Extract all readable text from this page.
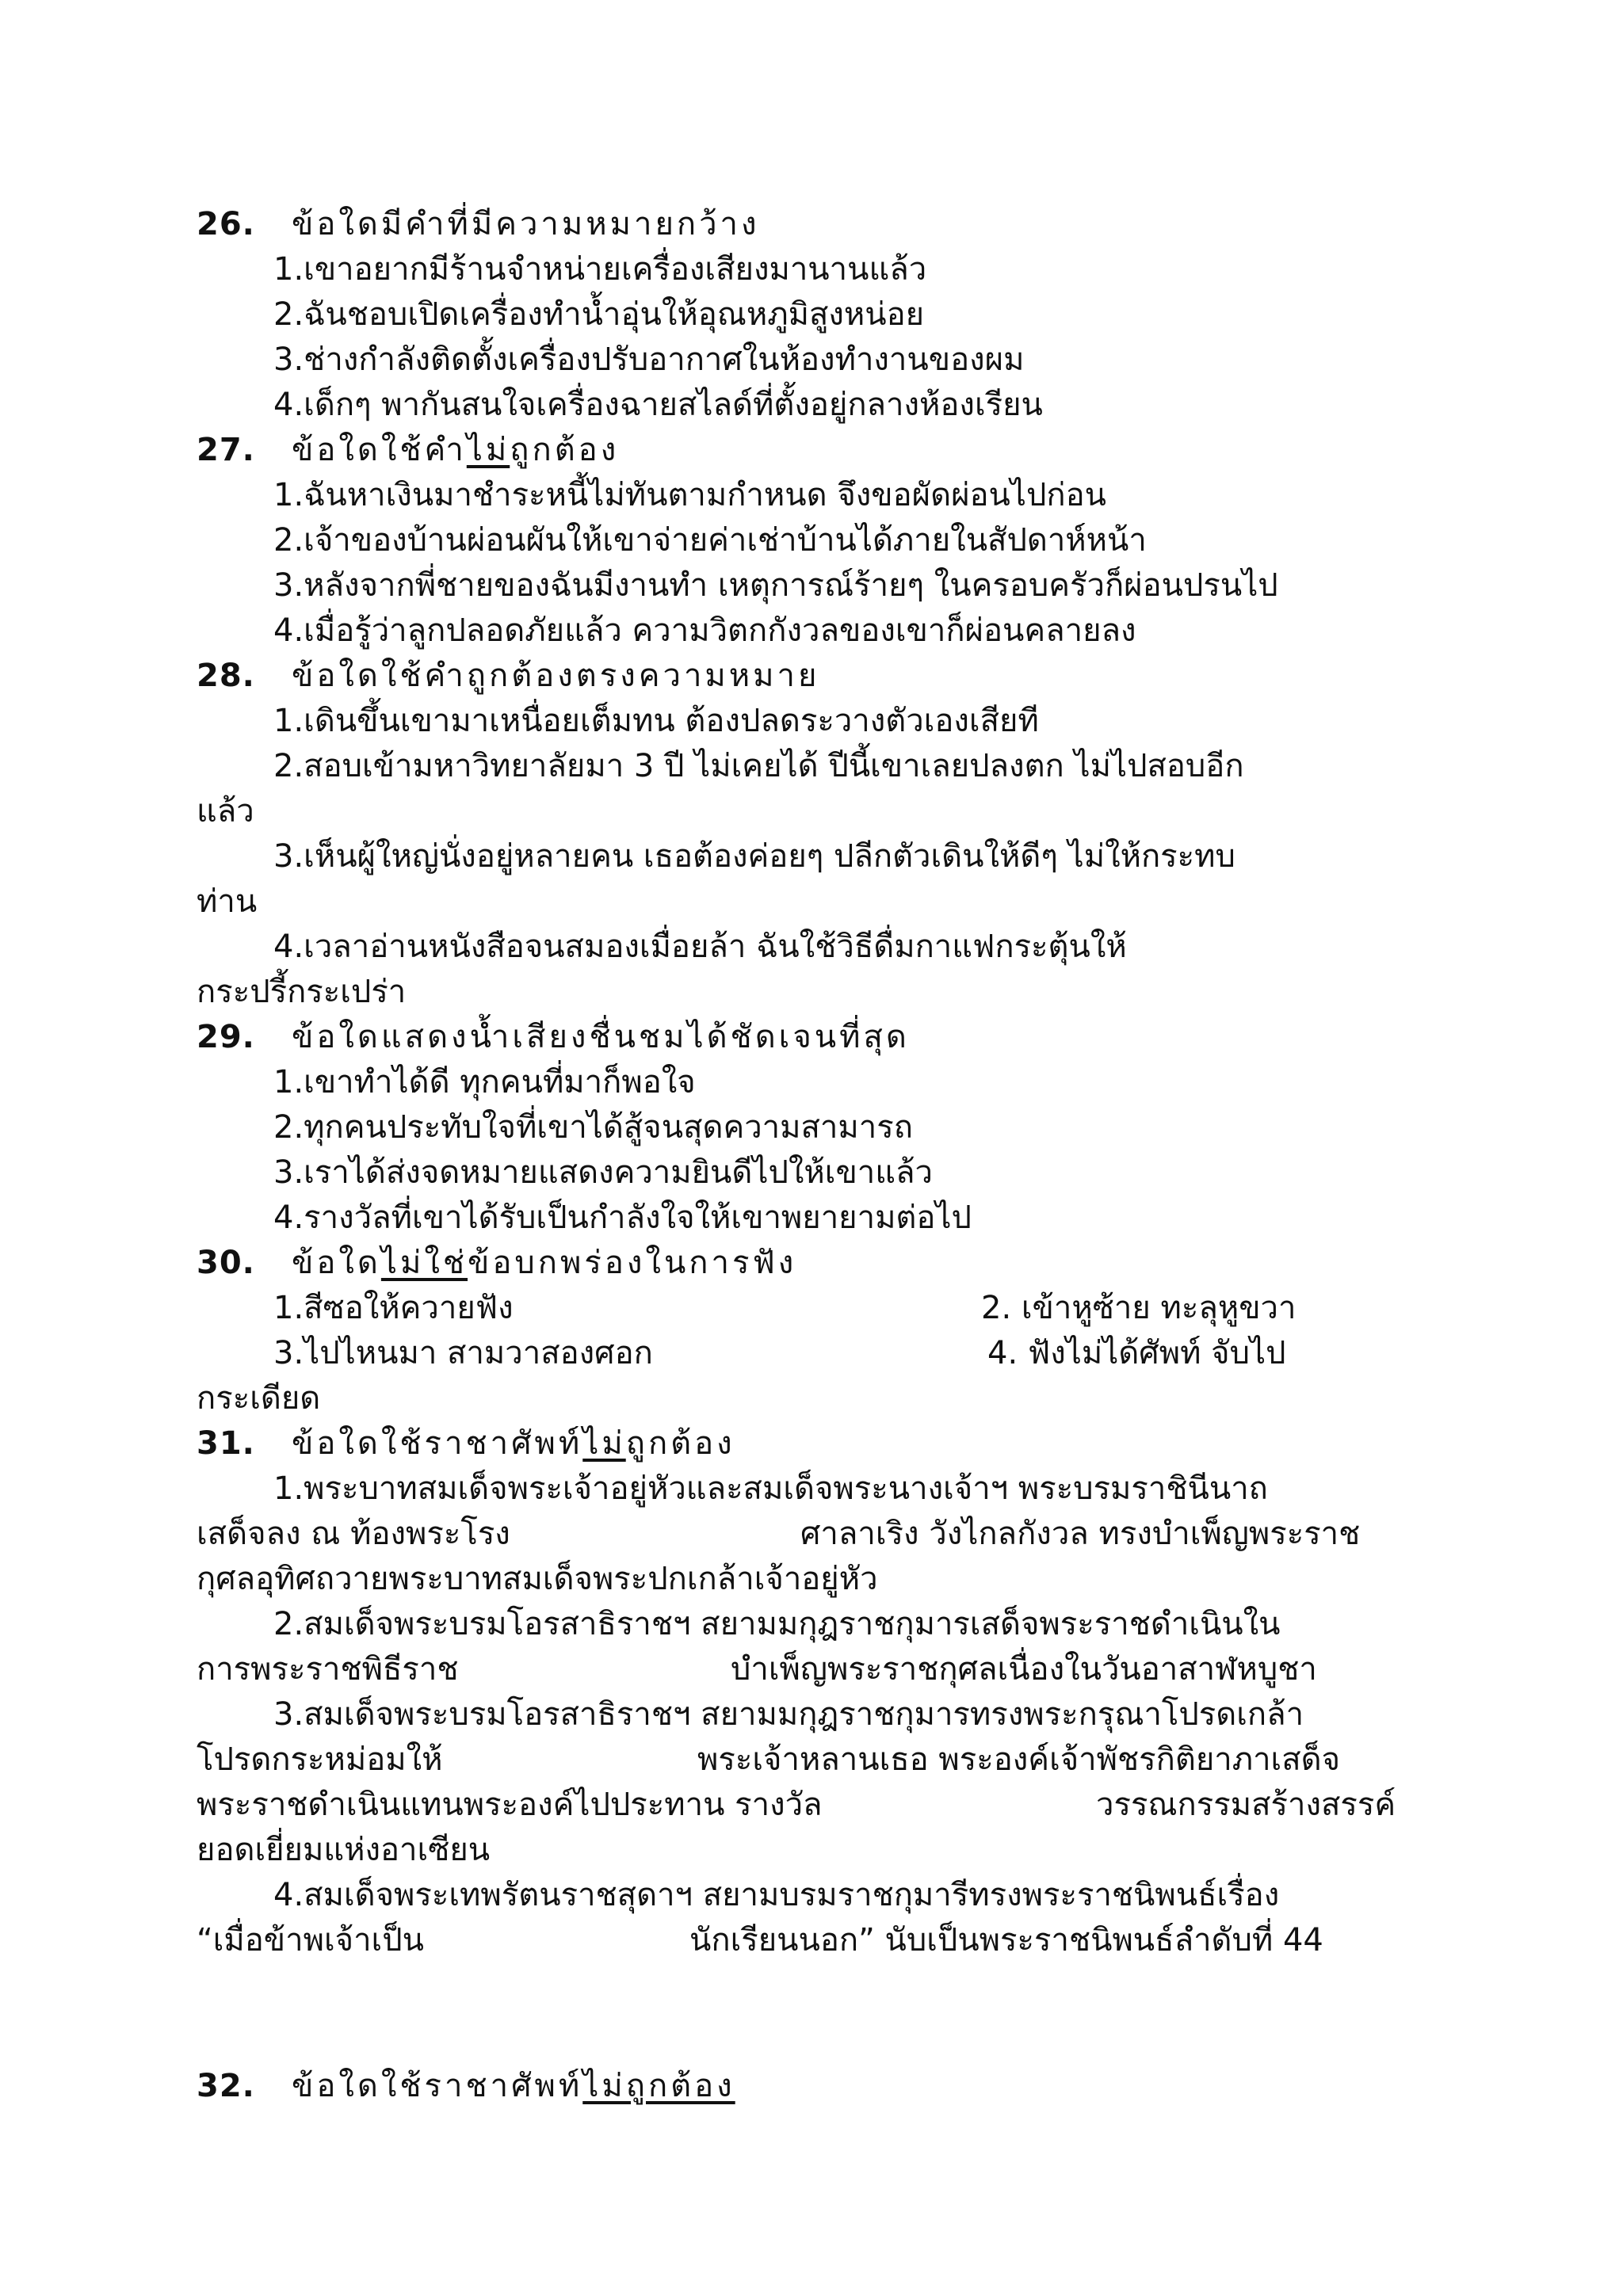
26. ข้อใดมีคำที่มีความหมายกว้าง
1.เขาอยากมีร้านจำหน่ายเครื่องเสียงมานานแล้ว
2.ฉันชอบเปิดเครื่องทำน้ำอุ่นให้อุณหภูมิสูงหน่อย
3.ช่างกำลังติดตั้งเครื่องปรับอากาศในห้องทำงานของผม
4.เด็กๆ พากันสนใจเครื่องฉายสไลด์ที่ตั้งอยู่กลางห้องเรียน
27. ข้อใดใช้คำไม่ถูกต้อง
1.ฉันหาเงินมาชำระหนี้ไม่ทันตามกำหนด จึงขอผัดผ่อนไปก่อน
2.เจ้าของบ้านผ่อนผันให้เขาจ่ายค่าเช่าบ้านได้ภายในสัปดาห์หน้า
3.หลังจากพี่ชายของฉันมีงานทำ เหตุการณ์ร้ายๆ ในครอบครัวก็ผ่อนปรนไป
4.เมื่อรู้ว่าลูกปลอดภัยแล้ว ความวิตกกังวลของเขาก็ผ่อนคลายลง
28. ข้อใดใช้คำถูกต้องตรงความหมาย
1.เดินขึ้นเขามาเหนื่อยเต็มทน ต้องปลดระวางตัวเองเสียที
2.สอบเข้ามหาวิทยาลัยมา 3 ปี ไม่เคยได้ ปีนี้เขาเลยปลงตก ไม่ไปสอบอีก
แล้ว
3.เห็นผู้ใหญ่นั่งอยู่หลายคน เธอต้องค่อยๆ ปลีกตัวเดินให้ดีๆ ไม่ให้กระทบ
ท่าน
4.เวลาอ่านหนังสือจนสมองเมื่อยล้า ฉันใช้วิธีดื่มกาแฟกระตุ้นให้
กระปรี้กระเปร่า
29. ข้อใดแสดงน้ำเสียงชื่นชมได้ชัดเจนที่สุด
1.เขาทำได้ดี ทุกคนที่มาก็พอใจ
2.ทุกคนประทับใจที่เขาได้สู้จนสุดความสามารถ
3.เราได้ส่งจดหมายแสดงความยินดีไปให้เขาแล้ว
4.รางวัลที่เขาได้รับเป็นกำลังใจให้เขาพยายามต่อไป
30. ข้อใดไม่ใช่ข้อบกพร่องในการฟัง
1.สีซอให้ควายฟัง	2. เข้าหูซ้าย ทะลุหูขวา
3.ไปไหนมา สามวาสองศอก	4. ฟังไม่ได้ศัพท์ จับไป
กระเดียด
31. ข้อใดใช้ราชาศัพท์ไม่ถูกต้อง
1.พระบาทสมเด็จพระเจ้าอยู่หัวและสมเด็จพระนางเจ้าฯ พระบรมราชินีนาถ
เสด็จลง ณ ท้องพระโรง	ศาลาเริง วังไกลกังวล ทรงบำเพ็ญพระราช
กุศลอุทิศถวายพระบาทสมเด็จพระปกเกล้าเจ้าอยู่หัว
2.สมเด็จพระบรมโอรสาธิราชฯ สยามมกุฎราชกุมารเสด็จพระราชดำเนินใน
การพระราชพิธีราช	บำเพ็ญพระราชกุศลเนื่องในวันอาสาฬหบูชา
3.สมเด็จพระบรมโอรสาธิราชฯ สยามมกุฎราชกุมารทรงพระกรุณาโปรดเกล้า
โปรดกระหม่อมให้	พระเจ้าหลานเธอ พระองค์เจ้าพัชรกิติยาภาเสด็จ
พระราชดำเนินแทนพระองค์ไปประทาน รางวัล	วรรณกรรมสร้างสรรค์
ยอดเยี่ยมแห่งอาเซียน
4.สมเด็จพระเทพรัตนราชสุดาฯ สยามบรมราชกุมารีทรงพระราชนิพนธ์เรื่อง
“เมื่อข้าพเจ้าเป็น	นักเรียนนอก” นับเป็นพระราชนิพนธ์ลำดับที่ 44
32. ข้อใดใช้ราชาศัพท์ไม่ถูกต้อง
